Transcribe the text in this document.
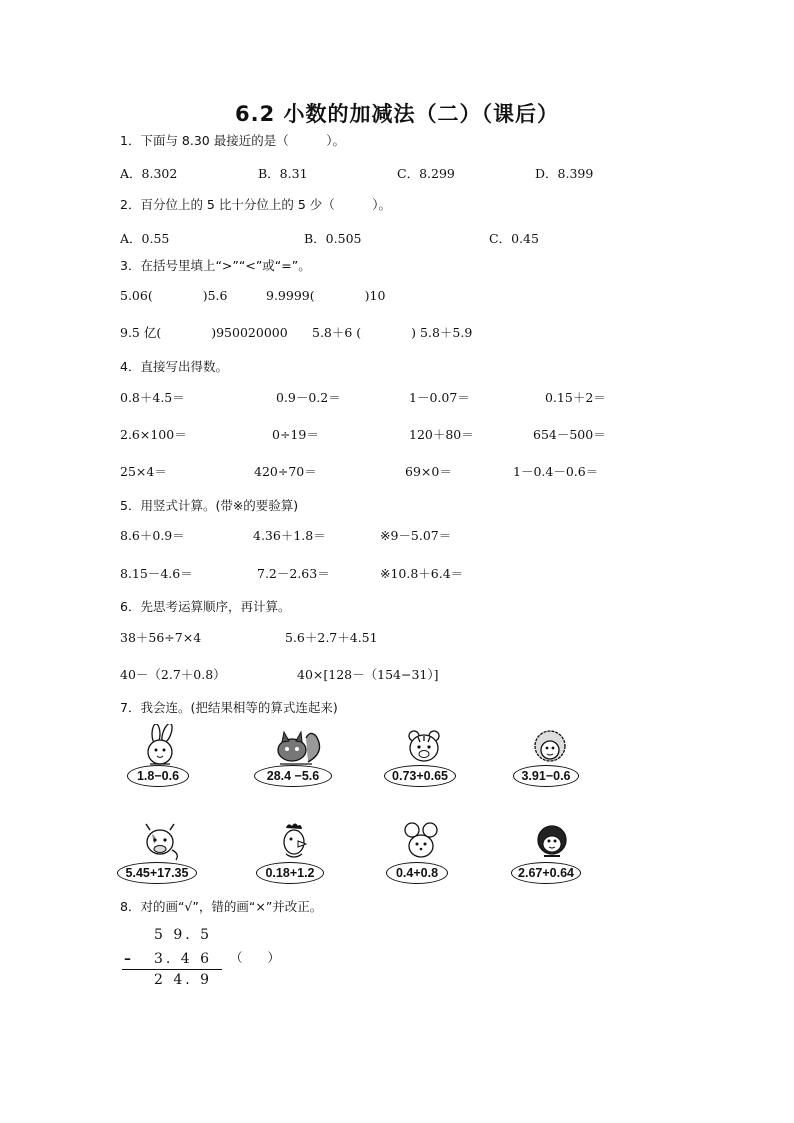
6.2 小数的加减法（二）（课后）
1．下面与 8.30 最接近的是（　　　）。
A．8.302	B．8.31	C．8.299	D．8.399
2．百分位上的 5 比十分位上的 5 少（　　　）。
A．0.55	B．0.505	C．0.45
3．在括号里填上“>”“<”或“=”。
5.06(　　　　)5.6	9.9999(　　　　)10
9.5 亿(　　　　)950020000 5.8＋6 (　　　　) 5.8＋5.9
4．直接写出得数。
0.8＋4.5＝	0.9－0.2＝	1－0.07＝	0.15＋2＝
2.6×100＝	0÷19＝	120＋80＝	654－500＝
25×4＝	420÷70＝	69×0＝	1－0.4－0.6＝
5．用竖式计算。(带※的要验算)
8.6＋0.9＝	4.36＋1.8＝	※9－5.07＝
8.15－4.6＝	7.2－2.63＝	※10.8＋6.4＝
6．先思考运算顺序，再计算。
38＋56÷7×4	5.6＋2.7＋4.51
40－（2.7＋0.8）	40×[128－（154−31）]
7．我会连。(把结果相等的算式连起来)
1.8−0.6	28.4 −5.6	0.73+0.65	3.91−0.6
5.45+17.35	0.18+1.2	0.4+0.8	2.67+0.64
8．对的画“√”，错的画“×”并改正。
5 9. 5
– 3. 4 6 （　　）
2 4. 9
